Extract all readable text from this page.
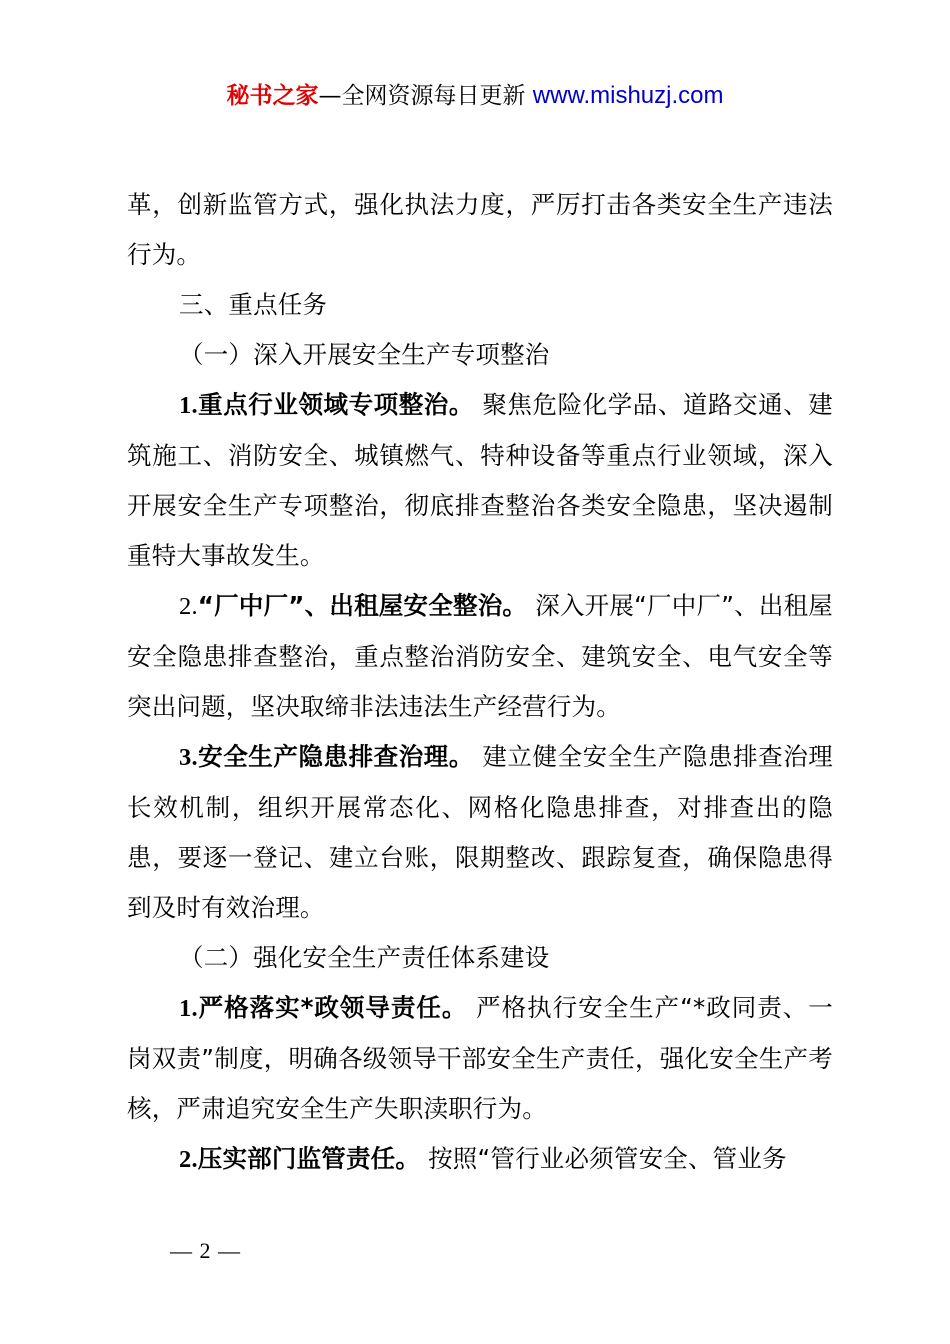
秘书之家—全网资源每日更新 www.mishuzj.com

革，创新监管方式，强化执法力度，严厉打击各类安全生产违法行为。

三、重点任务

（一）深入开展安全生产专项整治

1.重点行业领域专项整治。 聚焦危险化学品、道路交通、建筑施工、消防安全、城镇燃气、特种设备等重点行业领域，深入开展安全生产专项整治，彻底排查整治各类安全隐患，坚决遏制重特大事故发生。

2.“厂中厂”、出租屋安全整治。 深入开展“厂中厂”、出租屋安全隐患排查整治，重点整治消防安全、建筑安全、电气安全等突出问题，坚决取缔非法违法生产经营行为。

3.安全生产隐患排查治理。 建立健全安全生产隐患排查治理长效机制，组织开展常态化、网格化隐患排查，对排查出的隐患，要逐一登记、建立台账，限期整改、跟踪复查，确保隐患得到及时有效治理。

（二）强化安全生产责任体系建设

1.严格落实*政领导责任。 严格执行安全生产“*政同责、一岗双责”制度，明确各级领导干部安全生产责任，强化安全生产考核，严肃追究安全生产失职渎职行为。

2.压实部门监管责任。 按照“管行业必须管安全、管业务

— 2 —
